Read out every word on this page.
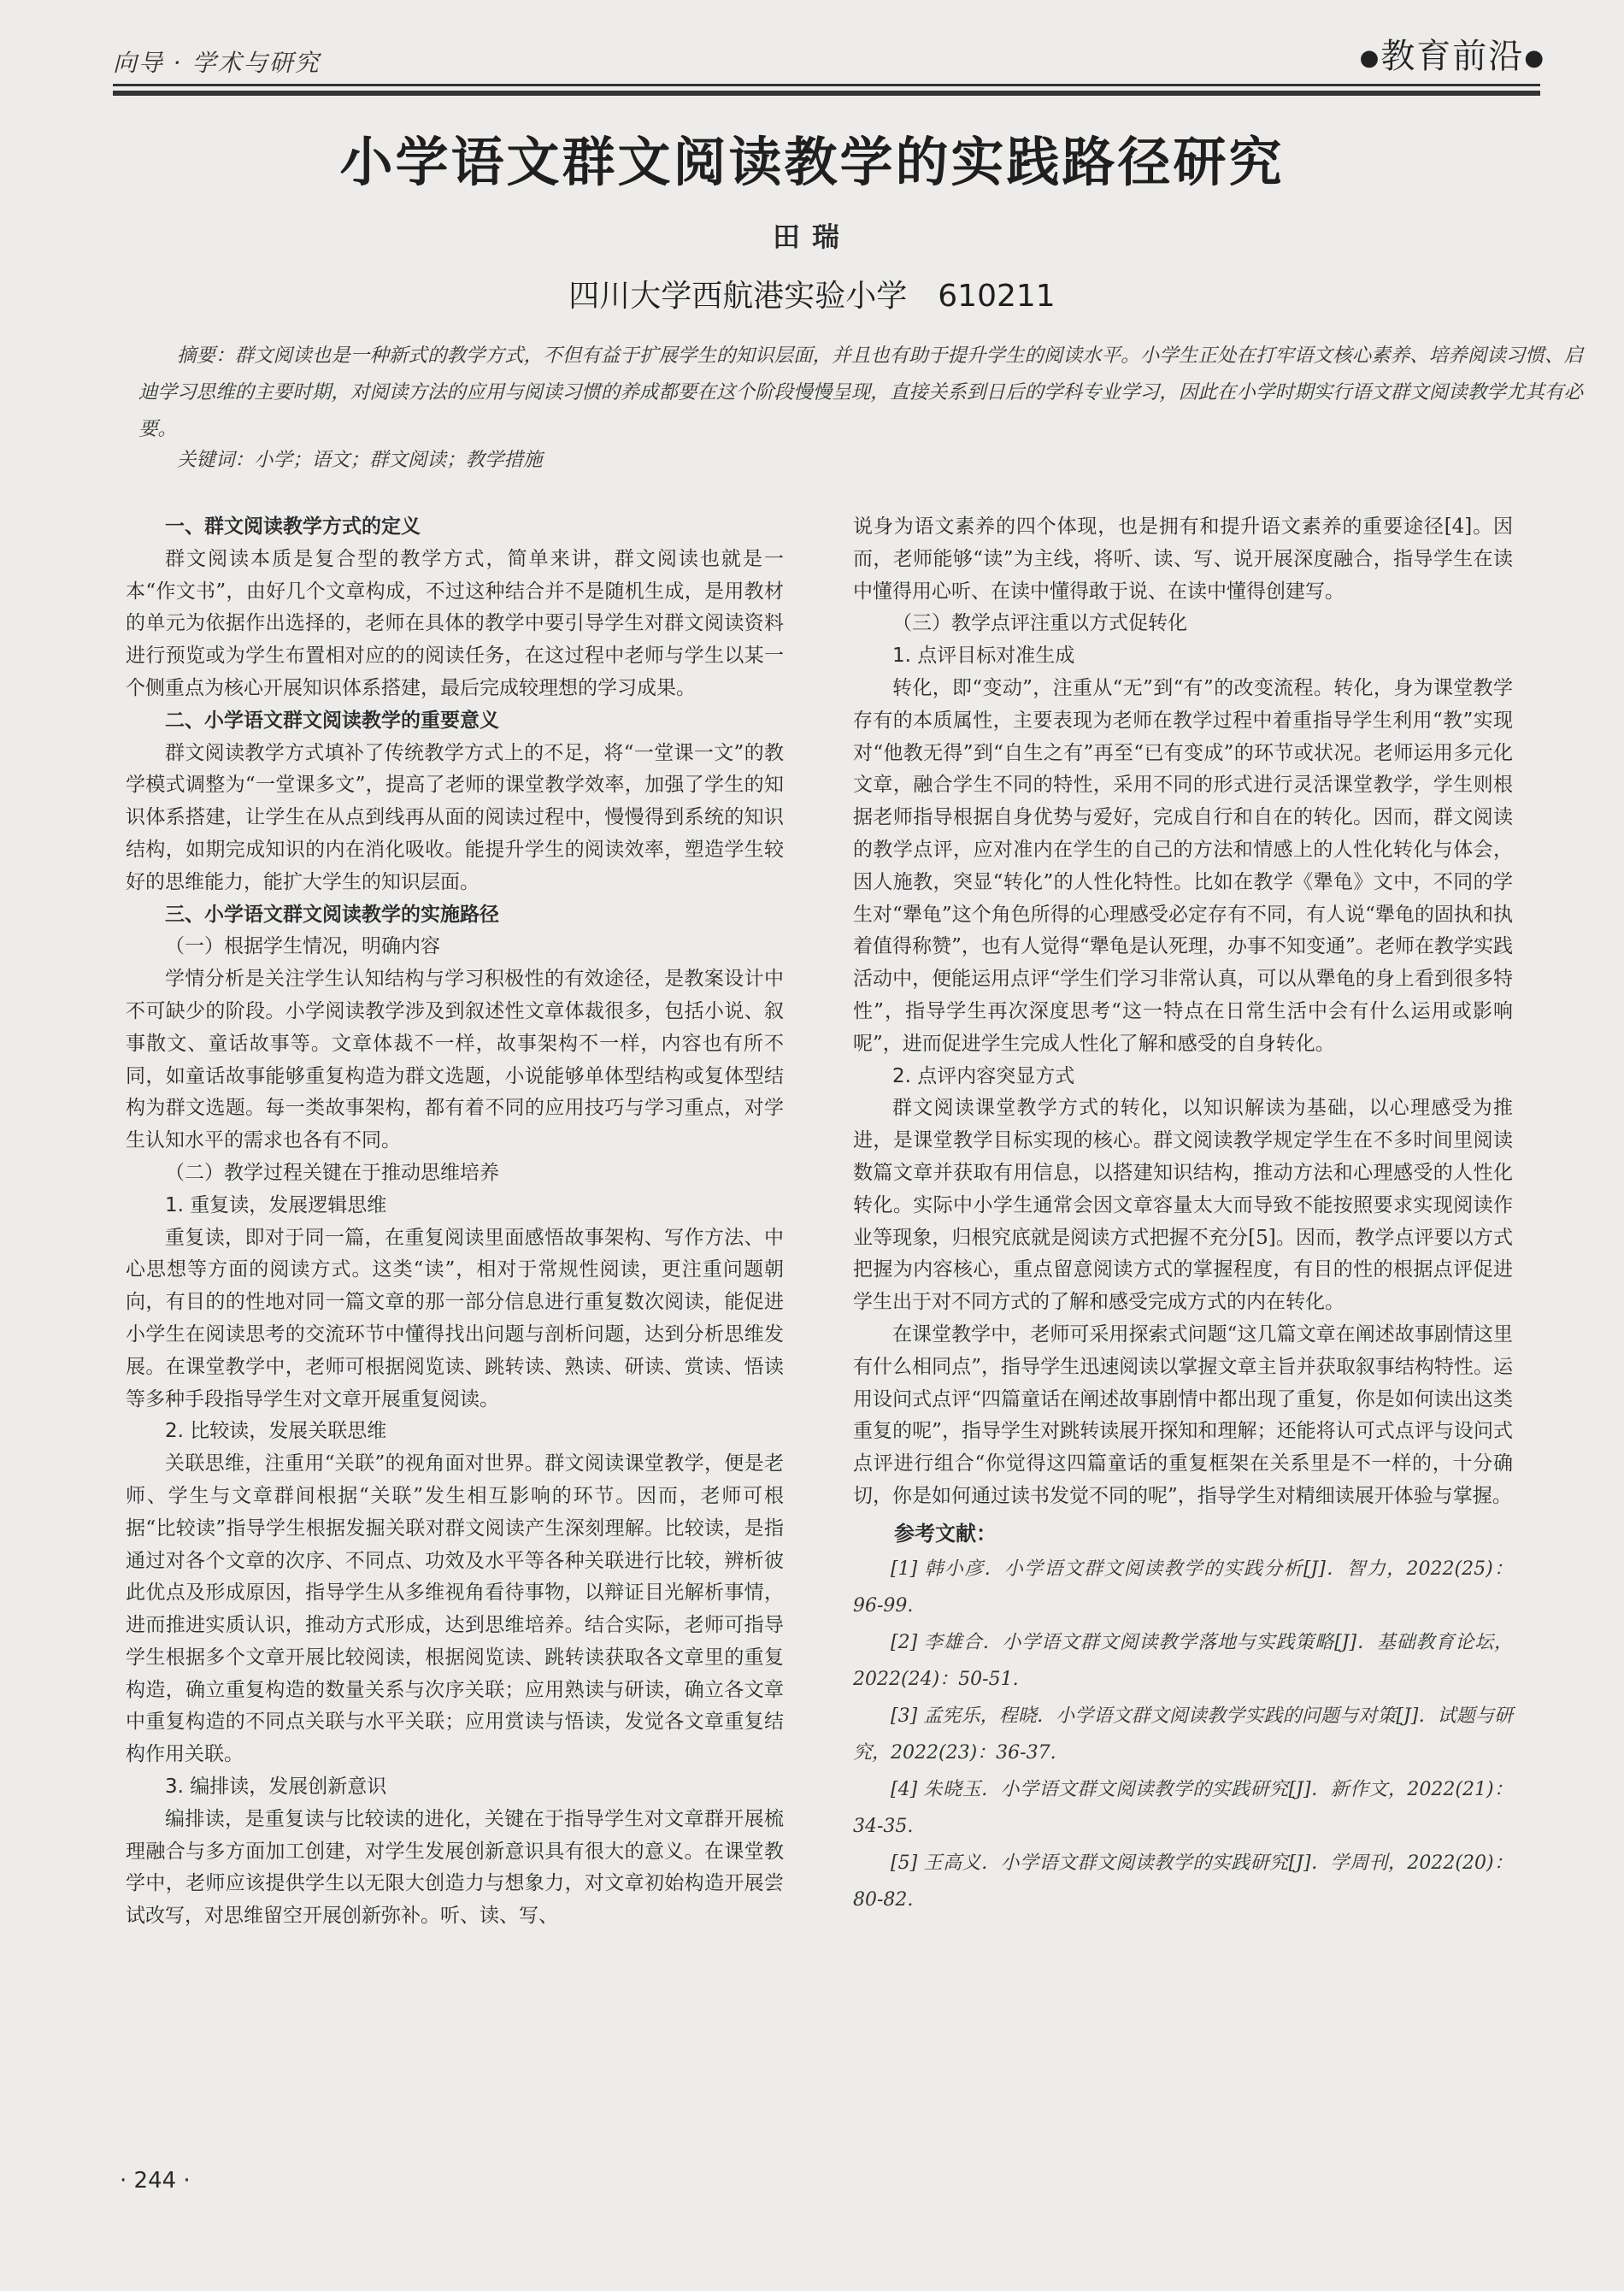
向导 · 学术与研究	●教育前沿●
小学语文群文阅读教学的实践路径研究
田瑞
四川大学西航港实验小学　610211
摘要：群文阅读也是一种新式的教学方式，不但有益于扩展学生的知识层面，并且也有助于提升学生的阅读水平。小学生正处在打牢语文核心素养、培养阅读习惯、启迪学习思维的主要时期，对阅读方法的应用与阅读习惯的养成都要在这个阶段慢慢呈现，直接关系到日后的学科专业学习，因此在小学时期实行语文群文阅读教学尤其有必要。
关键词：小学；语文；群文阅读；教学措施
一、群文阅读教学方式的定义

群文阅读本质是复合型的教学方式，简单来讲，群文阅读也就是一本“作文书”，由好几个文章构成，不过这种结合并不是随机生成，是用教材的单元为依据作出选择的，老师在具体的教学中要引导学生对群文阅读资料进行预览或为学生布置相对应的的阅读任务，在这过程中老师与学生以某一个侧重点为核心开展知识体系搭建，最后完成较理想的学习成果。

二、小学语文群文阅读教学的重要意义

群文阅读教学方式填补了传统教学方式上的不足，将“一堂课一文”的教学模式调整为“一堂课多文”，提高了老师的课堂教学效率，加强了学生的知识体系搭建，让学生在从点到线再从面的阅读过程中，慢慢得到系统的知识结构，如期完成知识的内在消化吸收。能提升学生的阅读效率，塑造学生较好的思维能力，能扩大学生的知识层面。

三、小学语文群文阅读教学的实施路径
（一）根据学生情况，明确内容

学情分析是关注学生认知结构与学习积极性的有效途径，是教案设计中不可缺少的阶段。小学阅读教学涉及到叙述性文章体裁很多，包括小说、叙事散文、童话故事等。文章体裁不一样，故事架构不一样，内容也有所不同，如童话故事能够重复构造为群文选题，小说能够单体型结构或复体型结构为群文选题。每一类故事架构，都有着不同的应用技巧与学习重点，对学生认知水平的需求也各有不同。

（二）教学过程关键在于推动思维培养
1. 重复读，发展逻辑思维

重复读，即对于同一篇，在重复阅读里面感悟故事架构、写作方法、中心思想等方面的阅读方式。这类“读”，相对于常规性阅读，更注重问题朝向，有目的的性地对同一篇文章的那一部分信息进行重复数次阅读，能促进小学生在阅读思考的交流环节中懂得找出问题与剖析问题，达到分析思维发展。在课堂教学中，老师可根据阅览读、跳转读、熟读、研读、赏读、悟读等多种手段指导学生对文章开展重复阅读。

2. 比较读，发展关联思维

关联思维，注重用“关联”的视角面对世界。群文阅读课堂教学，便是老师、学生与文章群间根据“关联”发生相互影响的环节。因而，老师可根据“比较读”指导学生根据发掘关联对群文阅读产生深刻理解。比较读，是指通过对各个文章的次序、不同点、功效及水平等各种关联进行比较，辨析彼此优点及形成原因，指导学生从多维视角看待事物，以辩证目光解析事情，进而推进实质认识，推动方式形成，达到思维培养。结合实际，老师可指导学生根据多个文章开展比较阅读，根据阅览读、跳转读获取各文章里的重复构造，确立重复构造的数量关系与次序关联；应用熟读与研读，确立各文章中重复构造的不同点关联与水平关联；应用赏读与悟读，发觉各文章重复结构作用关联。

3. 编排读，发展创新意识

编排读，是重复读与比较读的进化，关键在于指导学生对文章群开展梳理融合与多方面加工创建，对学生发展创新意识具有很大的意义。在课堂教学中，老师应该提供学生以无限大创造力与想象力，对文章初始构造开展尝试改写，对思维留空开展创新弥补。听、读、写、

说身为语文素养的四个体现，也是拥有和提升语文素养的重要途径[4]。因而，老师能够“读”为主线，将听、读、写、说开展深度融合，指导学生在读中懂得用心听、在读中懂得敢于说、在读中懂得创建写。

（三）教学点评注重以方式促转化
1. 点评目标对准生成

转化，即“变动”，注重从“无”到“有”的改变流程。转化，身为课堂教学存有的本质属性，主要表现为老师在教学过程中着重指导学生利用“教”实现对“他教无得”到“自生之有”再至“已有变成”的环节或状况。老师运用多元化文章，融合学生不同的特性，采用不同的形式进行灵活课堂教学，学生则根据老师指导根据自身优势与爱好，完成自行和自在的转化。因而，群文阅读的教学点评，应对准内在学生的自己的方法和情感上的人性化转化与体会，因人施教，突显“转化”的人性化特性。比如在教学《犟龟》文中，不同的学生对“犟龟”这个角色所得的心理感受必定存有不同，有人说“犟龟的固执和执着值得称赞”，也有人觉得“犟龟是认死理，办事不知变通”。老师在教学实践活动中，便能运用点评“学生们学习非常认真，可以从犟龟的身上看到很多特性”，指导学生再次深度思考“这一特点在日常生活中会有什么运用或影响呢”，进而促进学生完成人性化了解和感受的自身转化。

2. 点评内容突显方式

群文阅读课堂教学方式的转化，以知识解读为基础，以心理感受为推进，是课堂教学目标实现的核心。群文阅读教学规定学生在不多时间里阅读数篇文章并获取有用信息，以搭建知识结构，推动方法和心理感受的人性化转化。实际中小学生通常会因文章容量太大而导致不能按照要求实现阅读作业等现象，归根究底就是阅读方式把握不充分[5]。因而，教学点评要以方式把握为内容核心，重点留意阅读方式的掌握程度，有目的性的根据点评促进学生出于对不同方式的了解和感受完成方式的内在转化。

在课堂教学中，老师可采用探索式问题“这几篇文章在阐述故事剧情这里有什么相同点”，指导学生迅速阅读以掌握文章主旨并获取叙事结构特性。运用设问式点评“四篇童话在阐述故事剧情中都出现了重复，你是如何读出这类重复的呢”，指导学生对跳转读展开探知和理解；还能将认可式点评与设问式点评进行组合“你觉得这四篇童话的重复框架在关系里是不一样的，十分确切，你是如何通过读书发觉不同的呢”，指导学生对精细读展开体验与掌握。

参考文献：

[1] 韩小彦．小学语文群文阅读教学的实践分析[J]．智力，2022(25)：96-99.

[2] 李雄合．小学语文群文阅读教学落地与实践策略[J]．基础教育论坛，2022(24)：50-51.

[3] 孟宪乐，程晓．小学语文群文阅读教学实践的问题与对策[J]．试题与研究，2022(23)：36-37.

[4] 朱晓玉．小学语文群文阅读教学的实践研究[J]．新作文，2022(21)：34-35.

[5] 王高义．小学语文群文阅读教学的实践研究[J]．学周刊，2022(20)：80-82.

· 244 ·
